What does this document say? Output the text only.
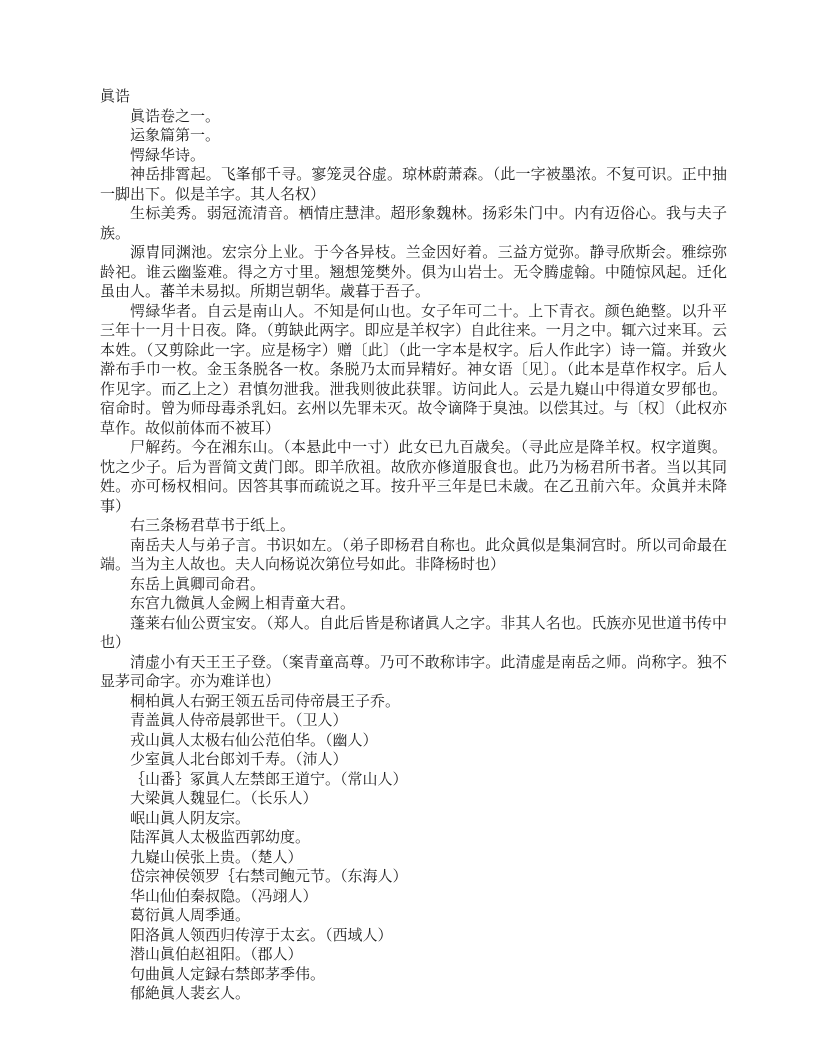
眞诰

眞诰卷之一。

运象篇第一。

愕緑华诗。

神岳排霄起。飞峯郁千寻。寥笼灵谷虚。琼林蔚萧森。（此一字被墨浓。不复可识。正中抽一脚出下。似是羊字。其人名权）

生标美秀。弱冠流清音。栖情庄慧津。超形象魏林。扬彩朱门中。内有迈俗心。我与夫子族。

源胄同渊池。宏宗分上业。于今各异枝。兰金因好着。三益方觉弥。静寻欣斯会。雅综弥龄祀。谁云幽鉴难。得之方寸里。翘想笼樊外。俱为山岩士。无令腾虚翰。中随惊风起。迁化虽由人。蕃羊未易拟。所期岂朝华。歳暮于吾子。

愕緑华者。自云是南山人。不知是何山也。女子年可二十。上下青衣。颜色絶整。以升平三年十一月十日夜。降。（剪缺此两字。即应是羊权字）自此往来。一月之中。辄六过来耳。云本姓。（又剪除此一字。应是杨字）赠〔此〕（此一字本是权字。后人作此字）诗一篇。并致火澣布手巾一枚。金玉条脱各一枚。条脱乃太而异精好。神女语〔见〕。（此本是草作权字。后人作见字。而乙上之）君慎勿泄我。泄我则彼此获罪。访问此人。云是九嶷山中得道女罗郁也。宿命时。曾为师母毒杀乳妇。玄州以先罪未灭。故令谪降于臭浊。以偿其过。与〔权〕（此权亦草作。故似前体而不被耳）

尸解药。今在湘东山。（本悬此中一寸）此女已九百歳矣。（寻此应是降羊权。权字道舆。忱之少子。后为晋简文黄门郎。即羊欣祖。故欣亦修道服食也。此乃为杨君所书者。当以其同姓。亦可杨权相问。因答其事而疏说之耳。按升平三年是巳未歳。在乙丑前六年。众眞并未降事）

右三条杨君草书于纸上。

南岳夫人与弟子言。书识如左。（弟子即杨君自称也。此众眞似是集洞宫时。所以司命最在端。当为主人故也。夫人向杨说次第位号如此。非降杨时也）

东岳上眞卿司命君。

东宫九微眞人金阙上相青童大君。

蓬莱右仙公贾宝安。（郑人。自此后皆是称诸眞人之字。非其人名也。氏族亦见世道书传中也）

清虚小有天王王子登。（案青童高尊。乃可不敢称讳字。此清虚是南岳之师。尚称字。独不显茅司命字。亦为难详也）

桐柏眞人右弼王领五岳司侍帝晨王子乔。

青盖眞人侍帝晨郭世干。（卫人）

戎山眞人太极右仙公范伯华。（幽人）

少室眞人北台郎刘千寿。（沛人）

｛山番｝冢眞人左禁郎王道宁。（常山人）

大梁眞人魏显仁。（长乐人）

岷山眞人阴友宗。

陆浑眞人太极监西郭幼度。

九嶷山侯张上贵。（楚人）

岱宗神侯领罗｛右禁司鲍元节。（东海人）

华山仙伯秦叔隐。（冯翊人）

葛衍眞人周季通。

阳洛眞人领西归传淳于太玄。（西域人）

潜山眞伯赵祖阳。（郡人）

句曲眞人定録右禁郎茅季伟。

郁絶眞人裴玄人。
